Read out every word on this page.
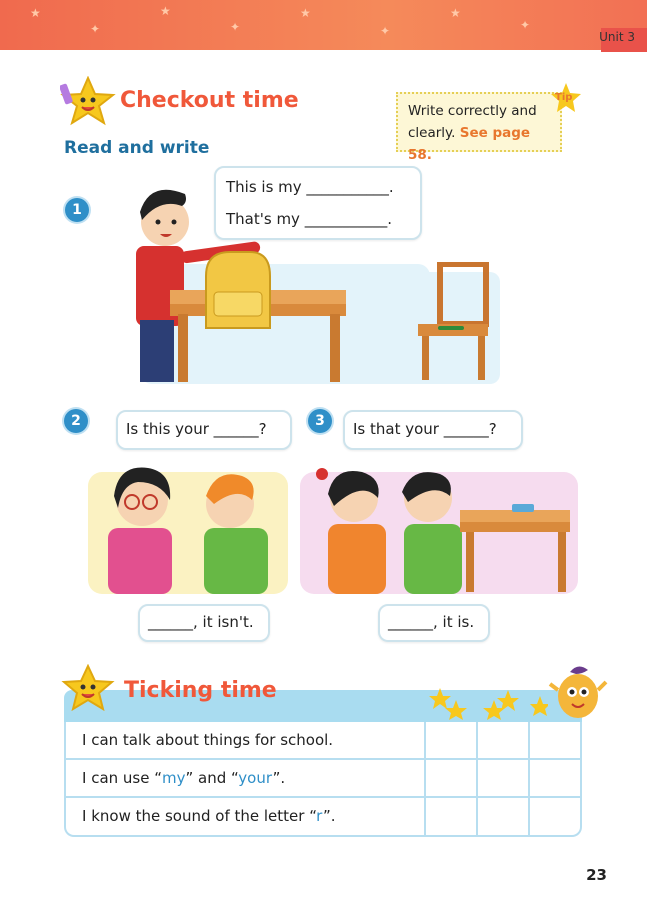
★
✦
★
✦
★
✦
★
✦
Unit 3
Checkout time
Read and write
Write correctly and clearly. See page 58.
Tip
1
This is my ___________.
That's my ___________.
2	Is this your ______?
______, it isn't.
3	Is that your ______?
______, it is.
Ticking time
I can talk about things for school.
I can use “my” and “your”.
I know the sound of the letter “r”.
23
